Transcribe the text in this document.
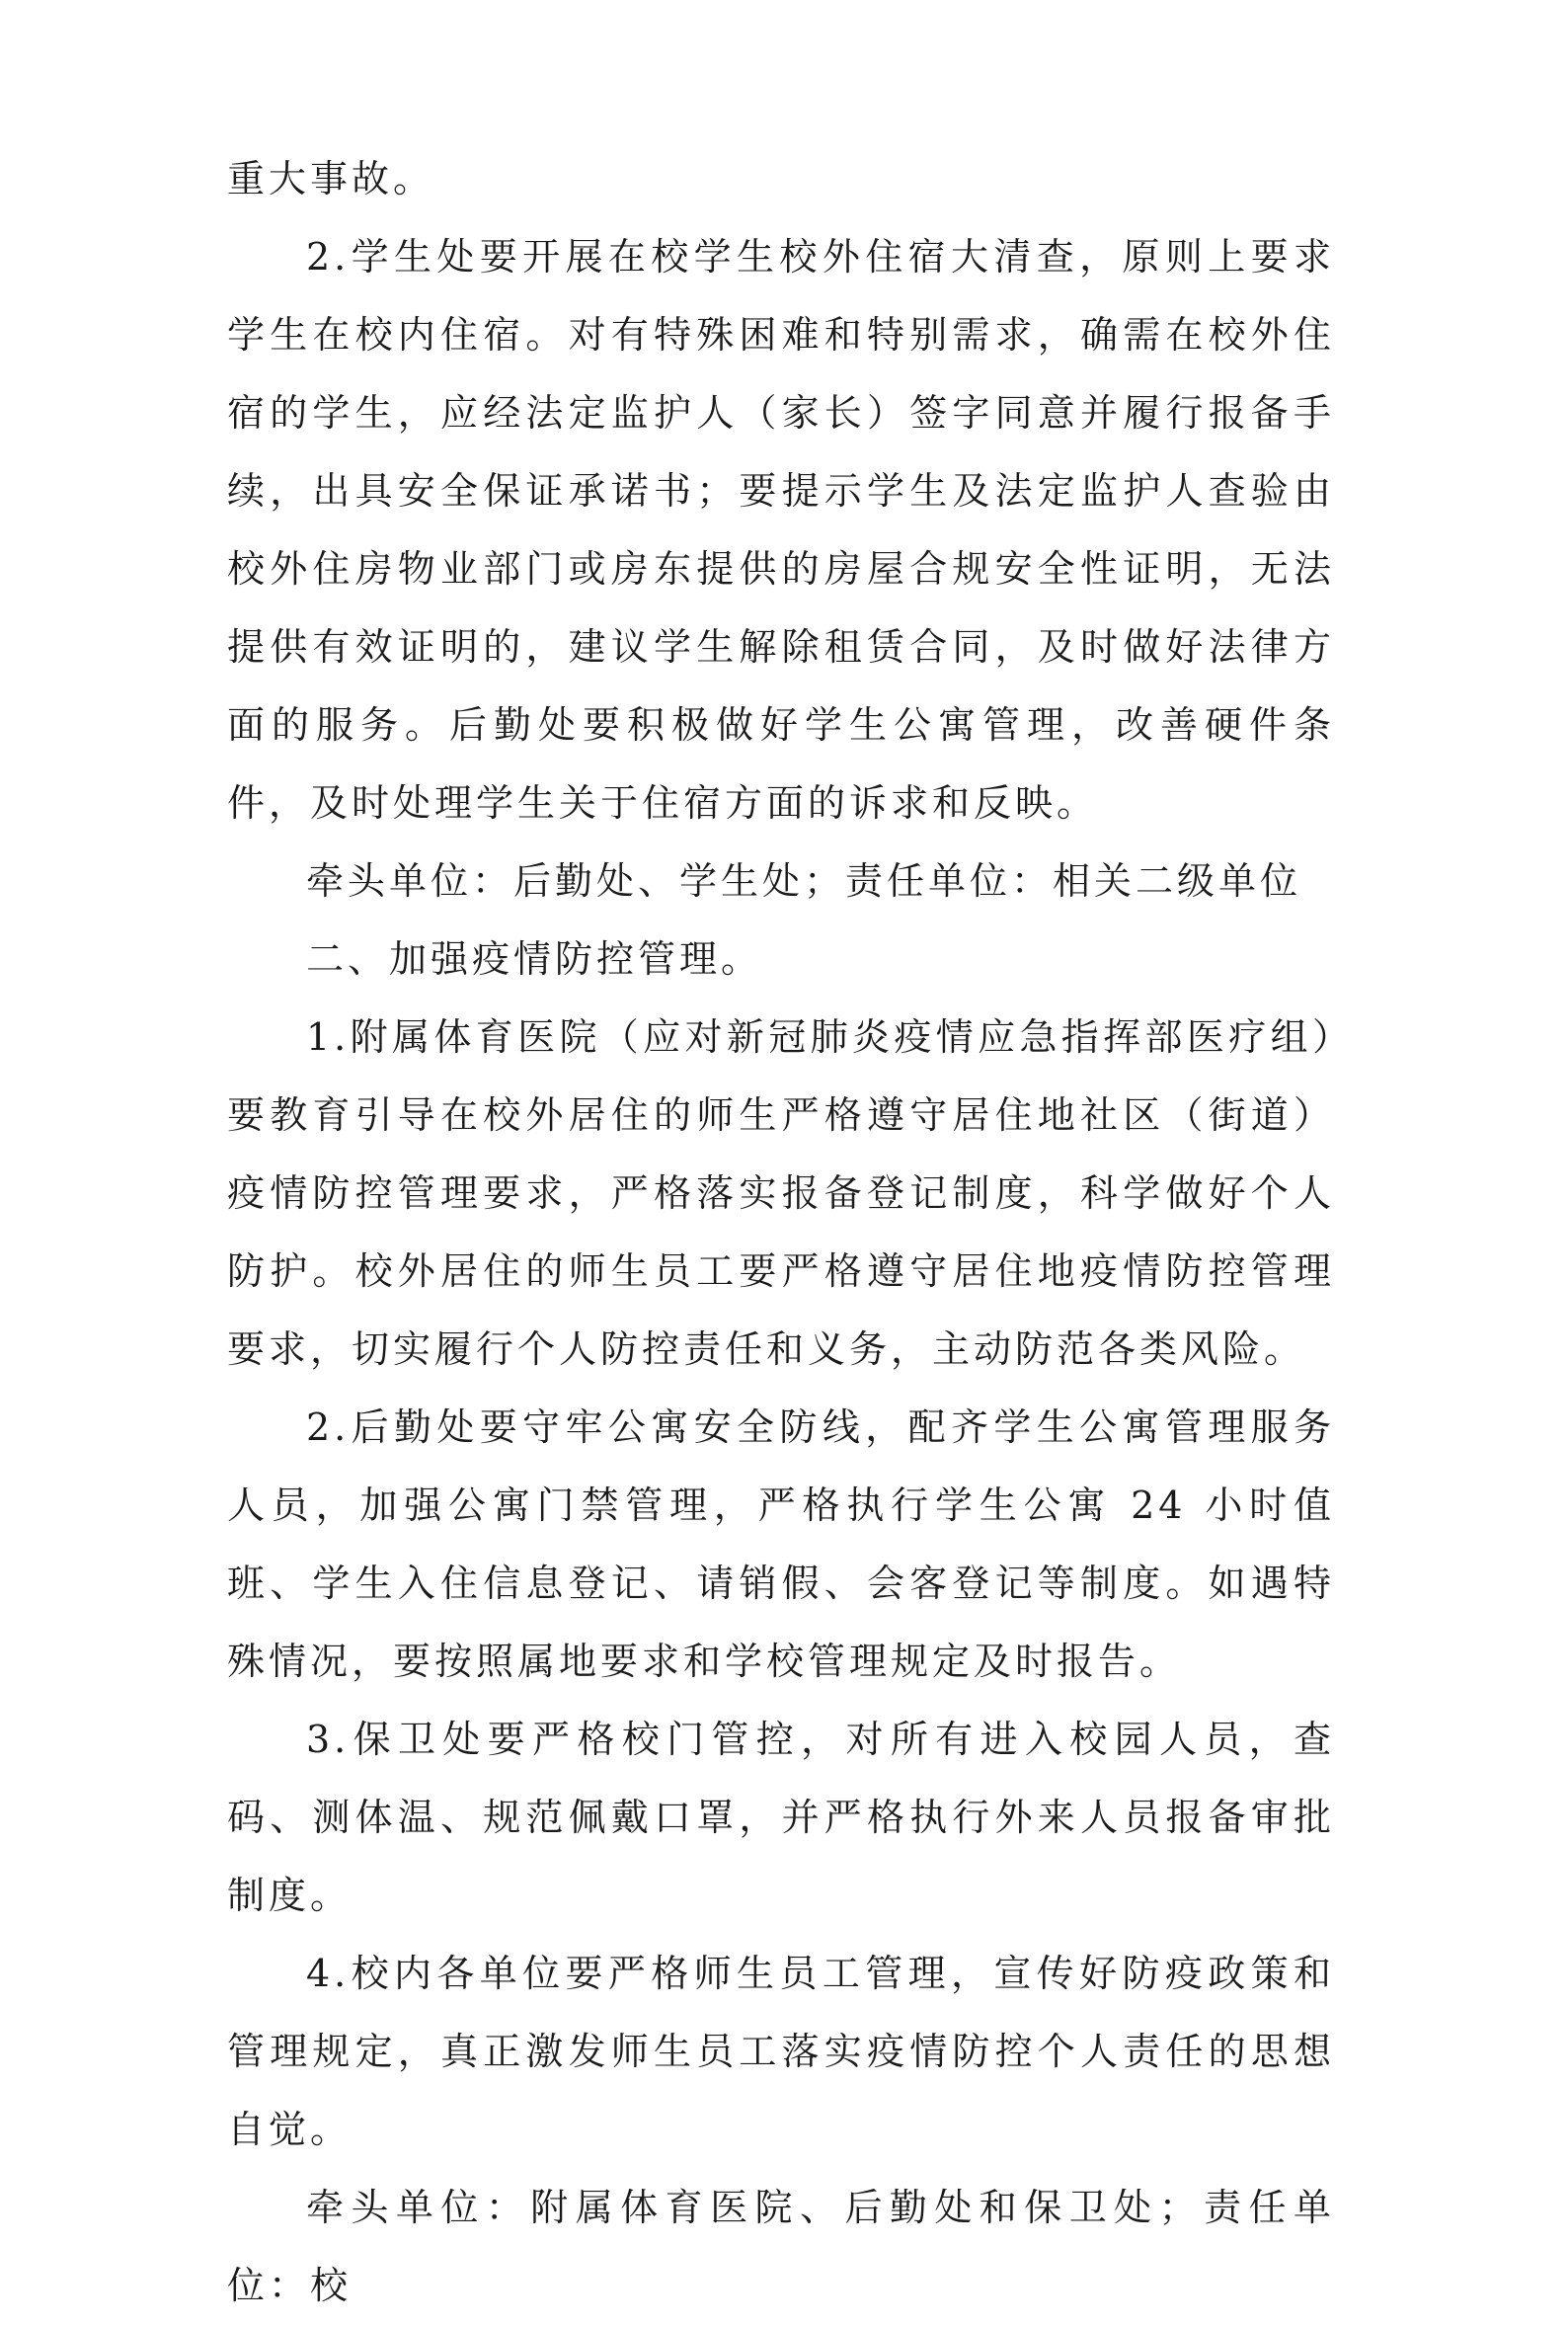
重大事故。

2.学生处要开展在校学生校外住宿大清查，原则上要求学生在校内住宿。对有特殊困难和特别需求，确需在校外住宿的学生，应经法定监护人（家长）签字同意并履行报备手续，出具安全保证承诺书；要提示学生及法定监护人查验由校外住房物业部门或房东提供的房屋合规安全性证明，无法提供有效证明的，建议学生解除租赁合同，及时做好法律方面的服务。后勤处要积极做好学生公寓管理，改善硬件条件，及时处理学生关于住宿方面的诉求和反映。

牵头单位：后勤处、学生处；责任单位：相关二级单位

二、加强疫情防控管理。

1.附属体育医院（应对新冠肺炎疫情应急指挥部医疗组）要教育引导在校外居住的师生严格遵守居住地社区（街道）疫情防控管理要求，严格落实报备登记制度，科学做好个人防护。校外居住的师生员工要严格遵守居住地疫情防控管理要求，切实履行个人防控责任和义务，主动防范各类风险。

2.后勤处要守牢公寓安全防线，配齐学生公寓管理服务人员，加强公寓门禁管理，严格执行学生公寓 24 小时值班、学生入住信息登记、请销假、会客登记等制度。如遇特殊情况，要按照属地要求和学校管理规定及时报告。

3.保卫处要严格校门管控，对所有进入校园人员，查码、测体温、规范佩戴口罩，并严格执行外来人员报备审批制度。

4.校内各单位要严格师生员工管理，宣传好防疫政策和管理规定，真正激发师生员工落实疫情防控个人责任的思想自觉。

牵头单位：附属体育医院、后勤处和保卫处；责任单位：校
